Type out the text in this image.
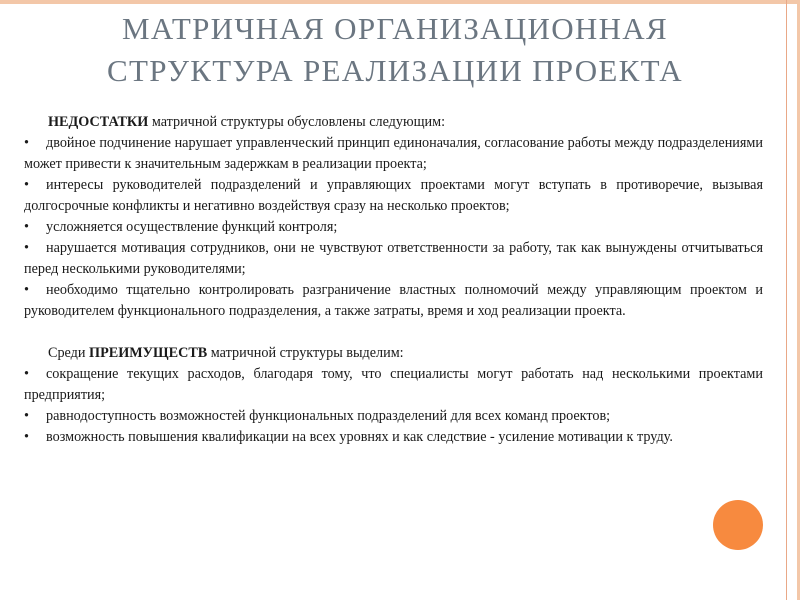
МАТРИЧНАЯ ОРГАНИЗАЦИОННАЯ
СТРУКТУРА РЕАЛИЗАЦИИ ПРОЕКТА

НЕДОСТАТКИ матричной структуры обусловлены следующим:

• двойное подчинение нарушает управленческий принцип единоначалия, согласование работы между подразделениями может привести к значительным задержкам в реализации проекта;

• интересы руководителей подразделений и управляющих проектами могут вступать в противоречие, вызывая долгосрочные конфликты и негативно воздействуя сразу на несколько проектов;

• усложняется осуществление функций контроля;

• нарушается мотивация сотрудников, они не чувствуют ответственности за работу, так как вынуждены отчитываться перед несколькими руководителями;

• необходимо тщательно контролировать разграничение властных полномочий между управляющим проектом и руководителем функционального подразделения, а также затраты, время и ход реализации проекта.

Среди ПРЕИМУЩЕСТВ матричной структуры выделим:

• сокращение текущих расходов, благодаря тому, что специалисты могут работать над несколькими проектами предприятия;

• равнодоступность возможностей функциональных подразделений для всех команд проектов;

• возможность повышения квалификации на всех уровнях и как следствие - усиление мотивации к труду.
